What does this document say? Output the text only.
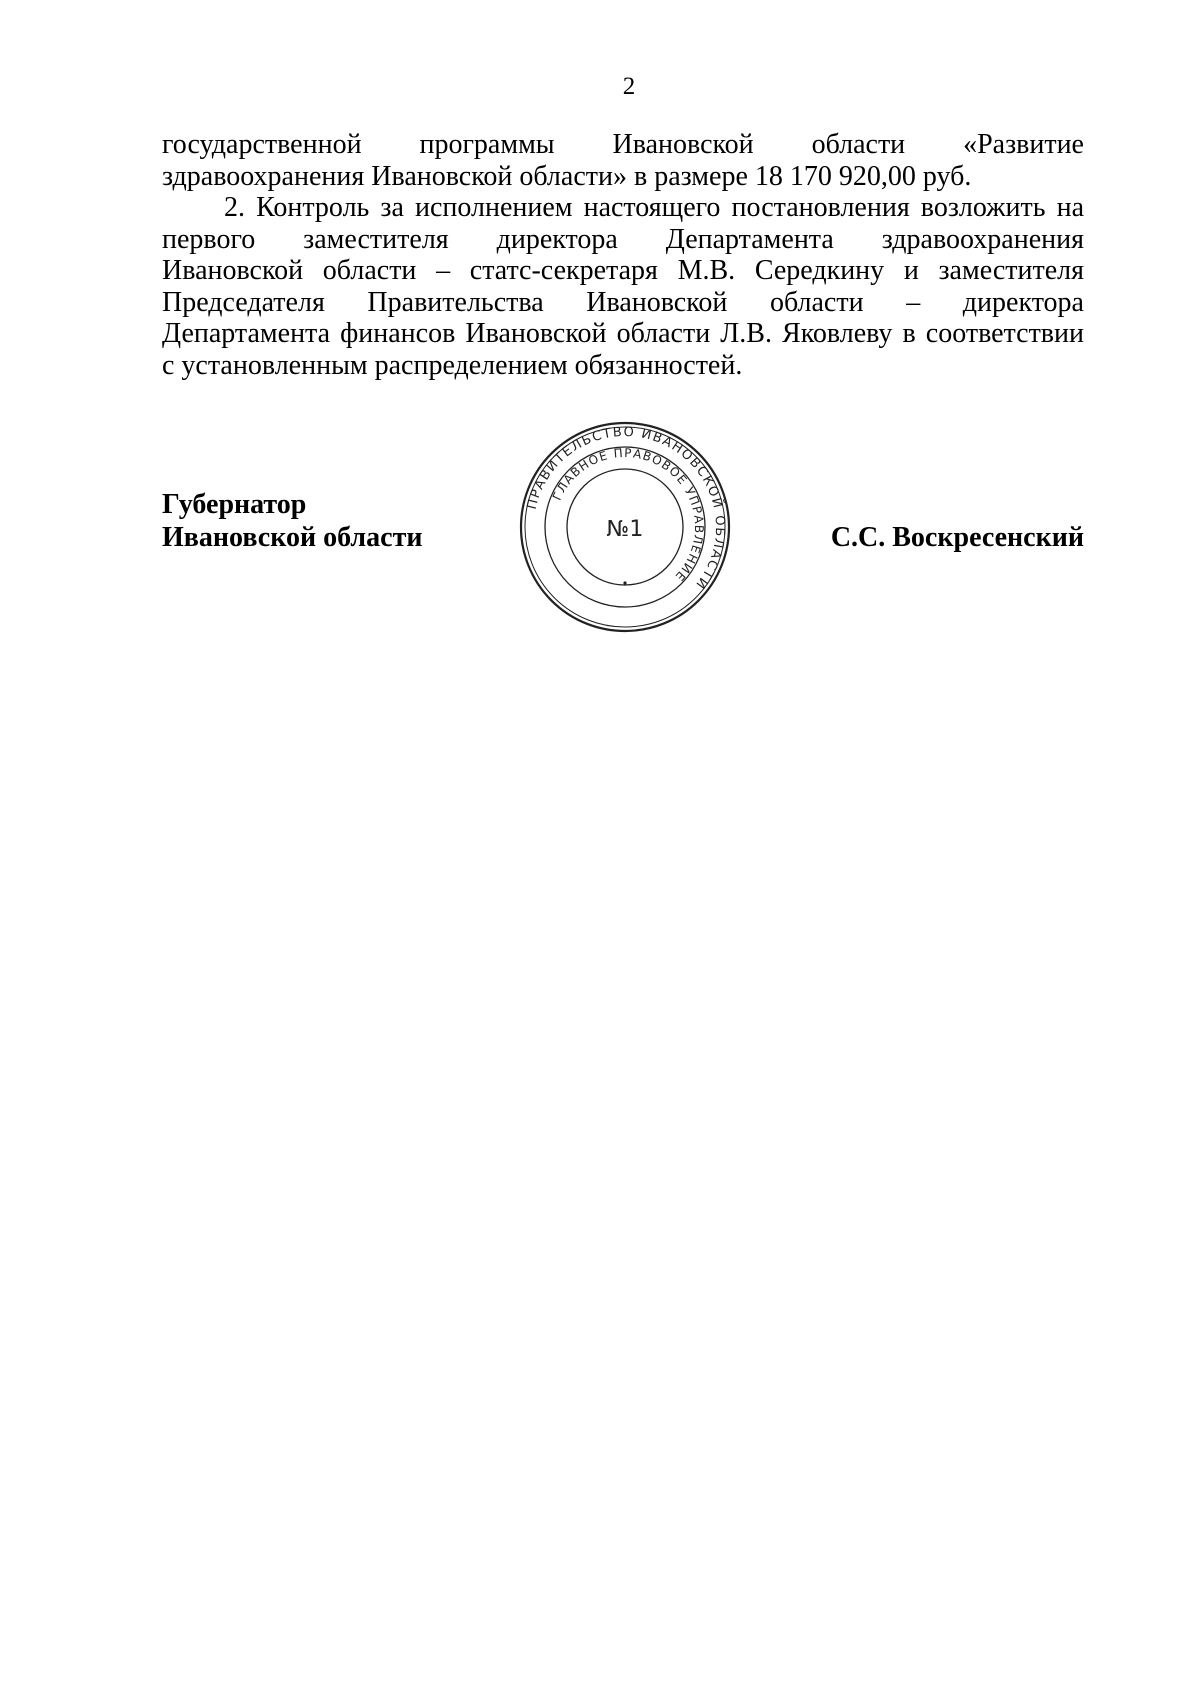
2

государственной программы Ивановской области «Развитие
здравоохранения Ивановской области» в размере 18 170 920,00 руб.

2. Контроль за исполнением настоящего постановления возложить на
первого заместителя директора Департамента здравоохранения
Ивановской области – статс-секретаря М.В. Середкину и заместителя
Председателя Правительства Ивановской области – директора
Департамента финансов Ивановской области Л.В. Яковлеву в соответствии
с установленным распределением обязанностей.

Губернатор
Ивановской области	С.С. Воскресенский
ПРАВИТЕЛЬСТВО ИВАНОВСКОЙ ОБЛАСТИ
ГЛАВНОЕ ПРАВОВОЕ УПРАВЛЕНИЕ
№1
